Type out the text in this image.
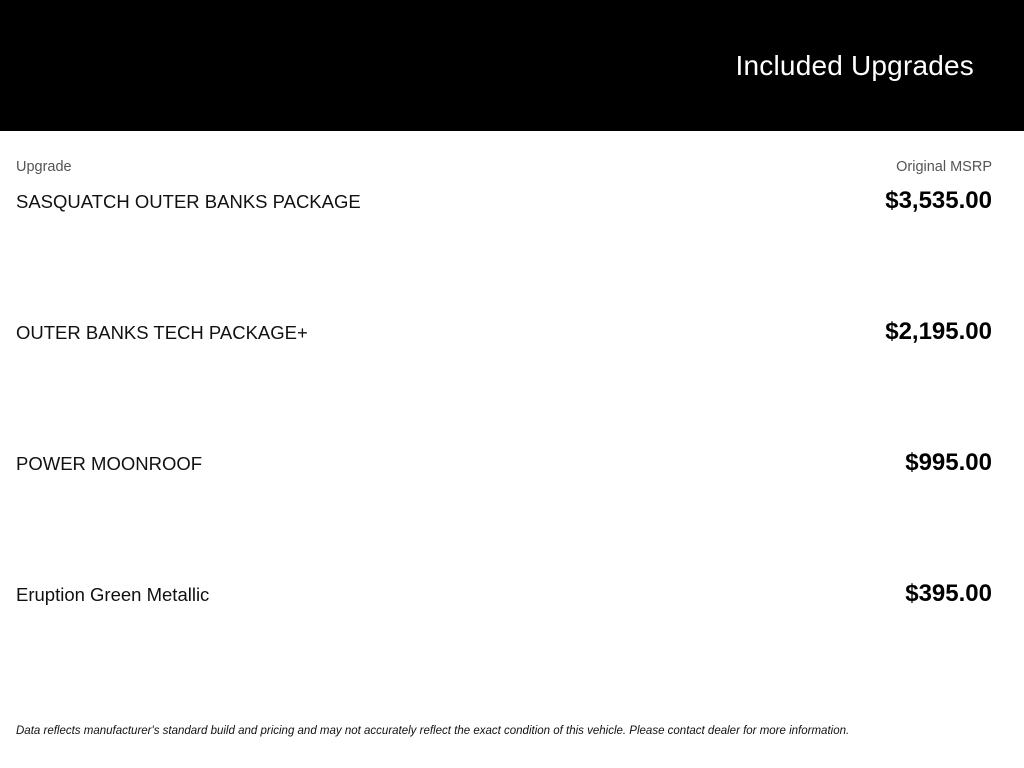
Included Upgrades
Upgrade	Original MSRP
SASQUATCH OUTER BANKS PACKAGE	$3,535.00
OUTER BANKS TECH PACKAGE+	$2,195.00
POWER MOONROOF	$995.00
Eruption Green Metallic	$395.00
Data reflects manufacturer's standard build and pricing and may not accurately reflect the exact condition of this vehicle. Please contact dealer for more information.
